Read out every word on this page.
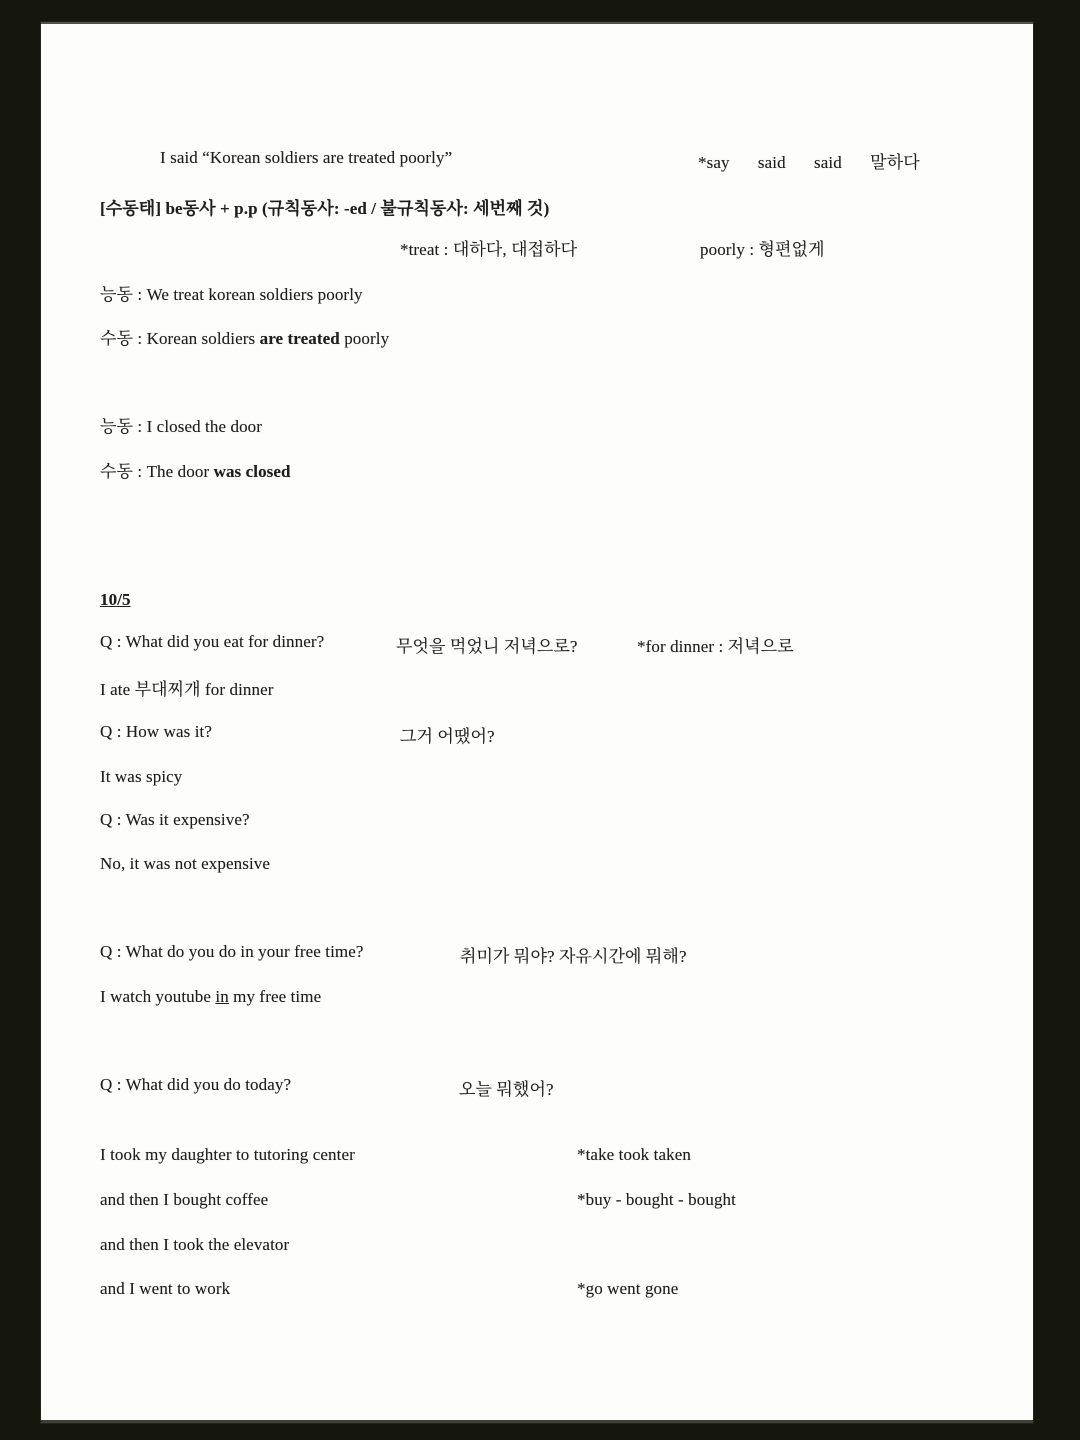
I said “Korean soldiers are treated poorly”	*say said said 말하다
[수동태] be동사 + p.p (규칙동사: -ed / 불규칙동사: 세번째 것)
*treat : 대하다, 대접하다	poorly : 형편없게
능동 : We treat korean soldiers poorly
수동 : Korean soldiers are treated poorly
능동 : I closed the door
수동 : The door was closed
10/5
Q : What did you eat for dinner?	무엇을 먹었니 저녁으로?	*for dinner : 저녁으로
I ate 부대찌개 for dinner
Q : How was it?	그거 어땠어?
It was spicy
Q : Was it expensive?
No, it was not expensive
Q : What do you do in your free time?	취미가 뭐야? 자유시간에 뭐해?
I watch youtube in my free time
Q : What did you do today?	오늘 뭐했어?
I took my daughter to tutoring center	*take took taken
and then I bought coffee	*buy - bought - bought
and then I took the elevator
and I went to work	*go went gone
